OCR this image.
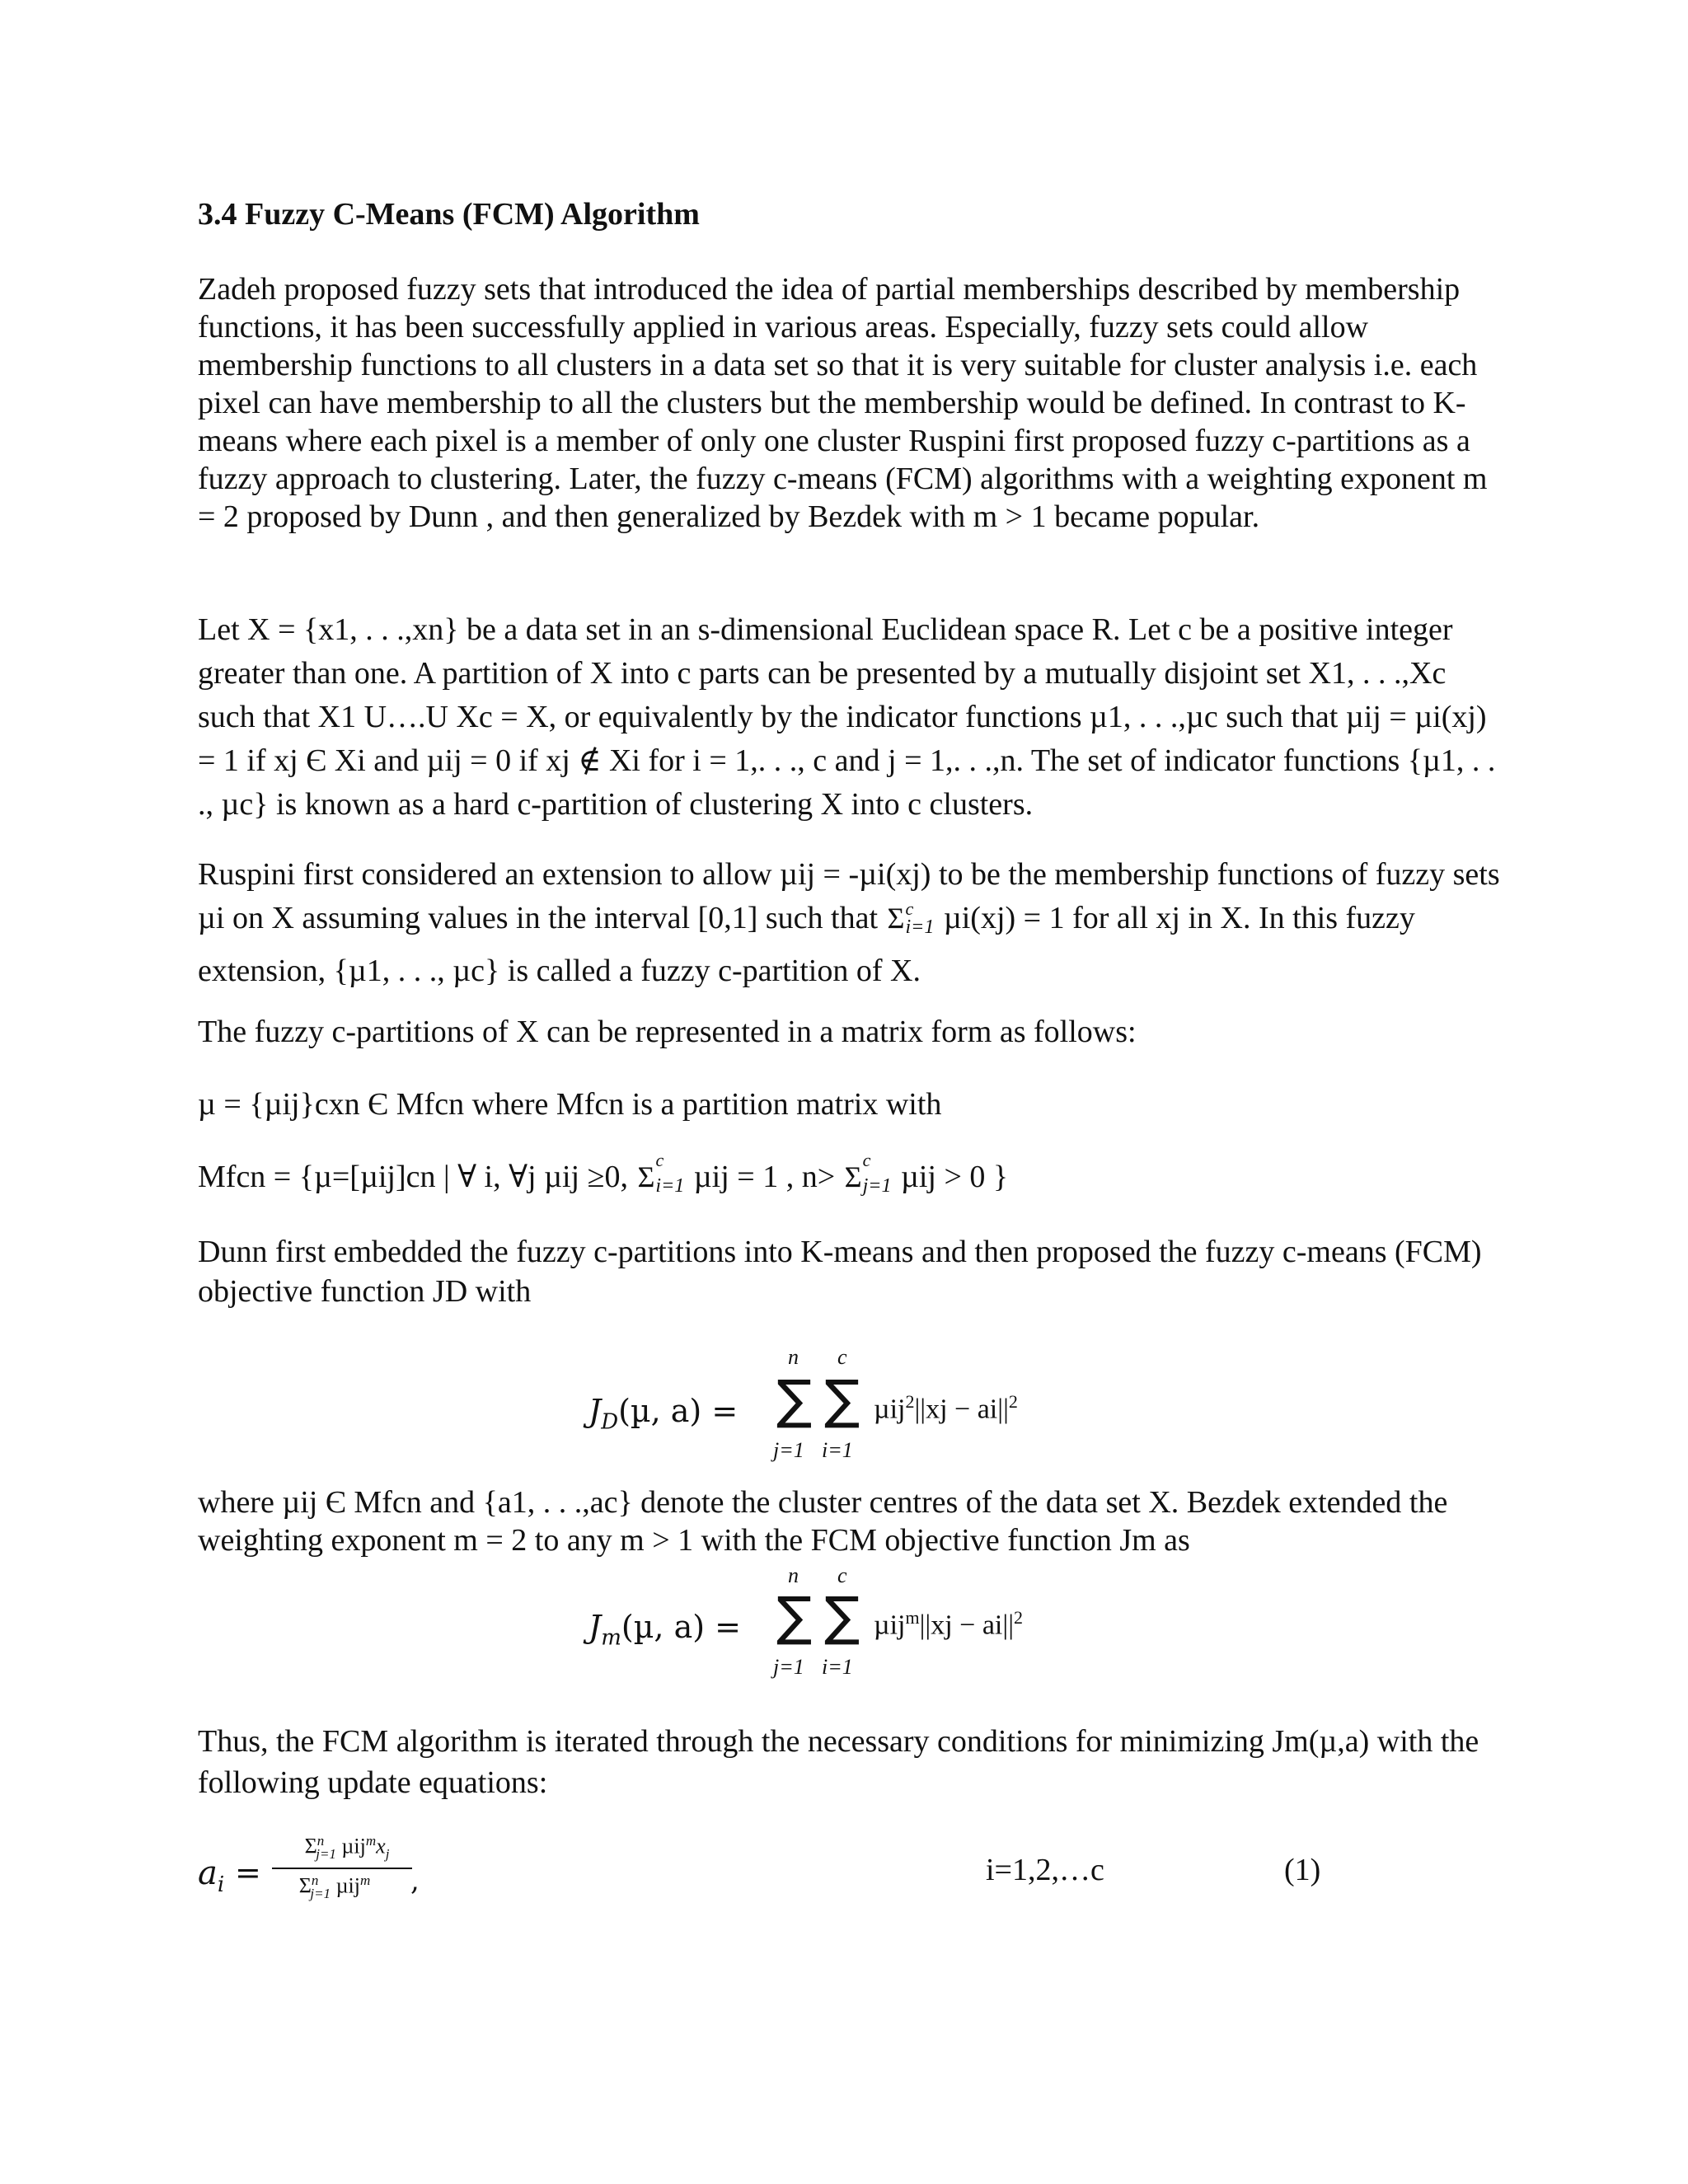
3.4 Fuzzy C-Means (FCM) Algorithm

Zadeh proposed fuzzy sets that introduced the idea of partial memberships described by membership functions, it has been successfully applied in various areas. Especially, fuzzy sets could allow membership functions to all clusters in a data set so that it is very suitable for cluster analysis i.e. each pixel can have membership to all the clusters but the membership would be defined. In contrast to K-means where each pixel is a member of only one cluster Ruspini first proposed fuzzy c-partitions as a fuzzy approach to clustering. Later, the fuzzy c-means (FCM) algorithms with a weighting exponent m = 2 proposed by Dunn , and then generalized by Bezdek with m > 1 became popular.

Let X = {x1, . . .,xn} be a data set in an s-dimensional Euclidean space R. Let c be a positive integer greater than one. A partition of X into c parts can be presented by a mutually disjoint set X1, . . .,Xc such that X1 U….U Xc = X, or equivalently by the indicator functions µ1, . . .,µc such that µij = µi(xj) = 1 if xj Є Xi and µij = 0 if xj ∉ Xi for i = 1,. . ., c and j = 1,. . .,n. The set of indicator functions {µ1, . . ., µc} is known as a hard c-partition of clustering X into c clusters.

Ruspini first considered an extension to allow µij = -µi(xj) to be the membership functions of fuzzy sets µi on X assuming values in the interval [0,1] such that $\Sigma_{i=1}$
c µi(xj) = 1 for all xj in X. In this fuzzy extension, {µ1, . . ., µc} is called a fuzzy c-partition of X.

The fuzzy c-partitions of X can be represented in a matrix form as follows:
µ = {µij}cxn Є Mfcn where Mfcn is a partition matrix with
Mfcn = {µ=[µij]cn | ∀ i, ∀j µij ≥0, $\Sigma_{i=1}$
c µij = 1 , $n> \Sigma_{j=1}$
c µij > 0 }

Dunn first embedded the fuzzy c-partitions into K-means and then proposed the fuzzy c-means (FCM) objective function JD with

$J_D(\mu$, a) =
n
∑
j=1
c
∑
i=1
$\mu ij^2||xj - ai||^2$

where µij Є Mfcn and {a1, . . .,ac} denote the cluster centres of the data set X. Bezdek extended the weighting exponent m = 2 to any m > 1 with the FCM objective function Jm as

$J_m(\mu$, a) =
n
∑
j=1
c
∑
i=1
$\mu ij^m||xj - ai||^2$

Thus, the FCM algorithm is iterated through the necessary conditions for minimizing Jm(µ,a) with the following update equations:

$a_i$ =
$\Sigma^n_{j=1}$ $\mu ij^mx_j$
$\Sigma^n_{j=1}$ µij$^m$	,	i=1,2,…c	(1)
